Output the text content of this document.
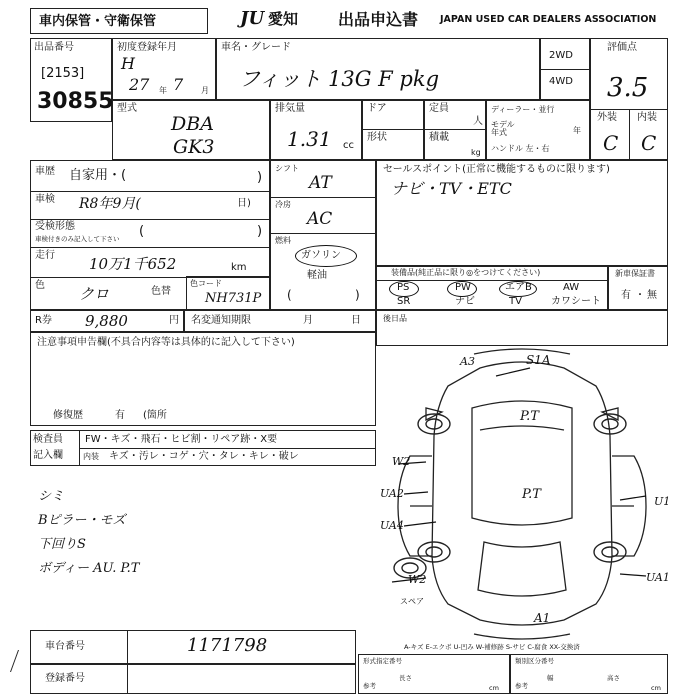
車内保管・守衛保管	JU 愛知 出品申込書 JAPAN USED CAR DEALERS ASSOCIATION
出品番号
[2153]
30855
初度登録年月
H
27 年 7 月
車名・グレード
フィット 13G F pkg
2WD
4WD
評価点
3.5
外装 内装
C C
型式
DBA
GK3
排気量
1.31 cc
ドア
形状
定員
人
積載
kg
ディーラー・並行
モデル年式	年
ハンドル 左・右
車歴 自家用・(	)
車検 R8年9月(	日)
受検形態
車検付きのみ記入して下さい (	)
走行 10万1千652	km
色 クロ	色替
色コード
NH731P
シフト
AT
冷房
AC
燃料
ガソリン
軽油
(	)
R券 9,880	円 名変通知期限	月	日
注意事項申告欄(不具合内容等は具体的に記入して下さい)
修復歴	有 (箇所
検査員
記入欄
FW・キズ・飛石・ヒビ割・リペア跡・X要
内装 キズ・汚レ・コゲ・穴・タレ・キレ・破レ
シミ
Bピラー・モズ
下回りS
ボディー AU. P.T
セールスポイント(正常に機能するものに限ります)
ナビ・TV・ETC
装備品(純正品に限り◎をつけてください)
PS	PW	エアB	AW
SR	ナビ	TV	カワシート
新車保証書
有 ・ 無
後日品
A3	S1A
P.T
P.T
W2
UA2
UA4
W2
U1
UA1
A1
スペア
A-キズ E-エクボ U-凹み W-補修跡 S-サビ C-腐食 XX-交換済
車台番号	1171798
登録番号
形式指定番号
参考
長さ
cm
類別区分番号
参考
幅	高さ
cm
